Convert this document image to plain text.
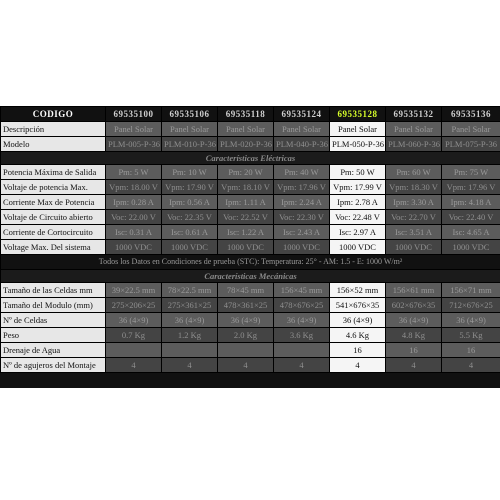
CODIGO	69535100	69535106	69535118	69535124	69535128	69535132	69535136
Descripción	Panel Solar	Panel Solar	Panel Solar	Panel Solar	Panel Solar	Panel Solar	Panel Solar
Modelo	PLM-005-P-36	PLM-010-P-36	PLM-020-P-36	PLM-040-P-36	PLM-050-P-36	PLM-060-P-36	PLM-075-P-36
Características Eléctricas							
Potencia Máxima de Salida	Pm: 5 W	Pm: 10 W	Pm: 20 W	Pm: 40 W	Pm: 50 W	Pm: 60 W	Pm: 75 W
Voltaje de potencia Max.	Vpm: 18.00 V	Vpm: 17.90 V	Vpm: 18.10 V	Vpm: 17.96 V	Vpm: 17.99 V	Vpm: 18.30 V	Vpm: 17.96 V
Corriente Max de Potencia	Ipm: 0.28 A	Ipm: 0.56 A	Ipm: 1.11 A	Ipm: 2.24 A	Ipm: 2.78 A	Ipm: 3.30 A	Ipm: 4.18 A
Voltaje de Circuito abierto	Voc: 22.00 V	Voc: 22.35 V	Voc: 22.52 V	Voc: 22.30 V	Voc: 22.48 V	Voc: 22.70 V	Voc: 22.40 V
Corriente de Cortocircuito	Isc: 0.31 A	Isc: 0.61 A	Isc: 1.22 A	Isc: 2.43 A	Isc: 2.97 A	Isc: 3.51 A	Isc: 4.65 A
Voltage Max. Del sistema	1000 VDC	1000 VDC	1000 VDC	1000 VDC	1000 VDC	1000 VDC	1000 VDC
Todos los Datos en Condiciones de prueba (STC): Temperatura: 25° - AM: 1.5 - E: 1000 W/m²							
Características Mecánicas							
Tamaño de las Celdas mm	39×22.5 mm	78×22.5 mm	78×45 mm	156×45 mm	156×52 mm	156×61 mm	156×71 mm
Tamaño del Modulo (mm)	275×206×25	275×361×25	478×361×25	478×676×25	541×676×35	602×676×35	712×676×25
Nº de Celdas	36 (4×9)	36 (4×9)	36 (4×9)	36 (4×9)	36 (4×9)	36 (4×9)	36 (4×9)
Peso	0.7 Kg	1.2 Kg	2.0 Kg	3.6 Kg	4.6 Kg	4.8 Kg	5.5 Kg
Drenaje de Agua					16	16	16
Nº de agujeros del Montaje	4	4	4	4	4	4	4
